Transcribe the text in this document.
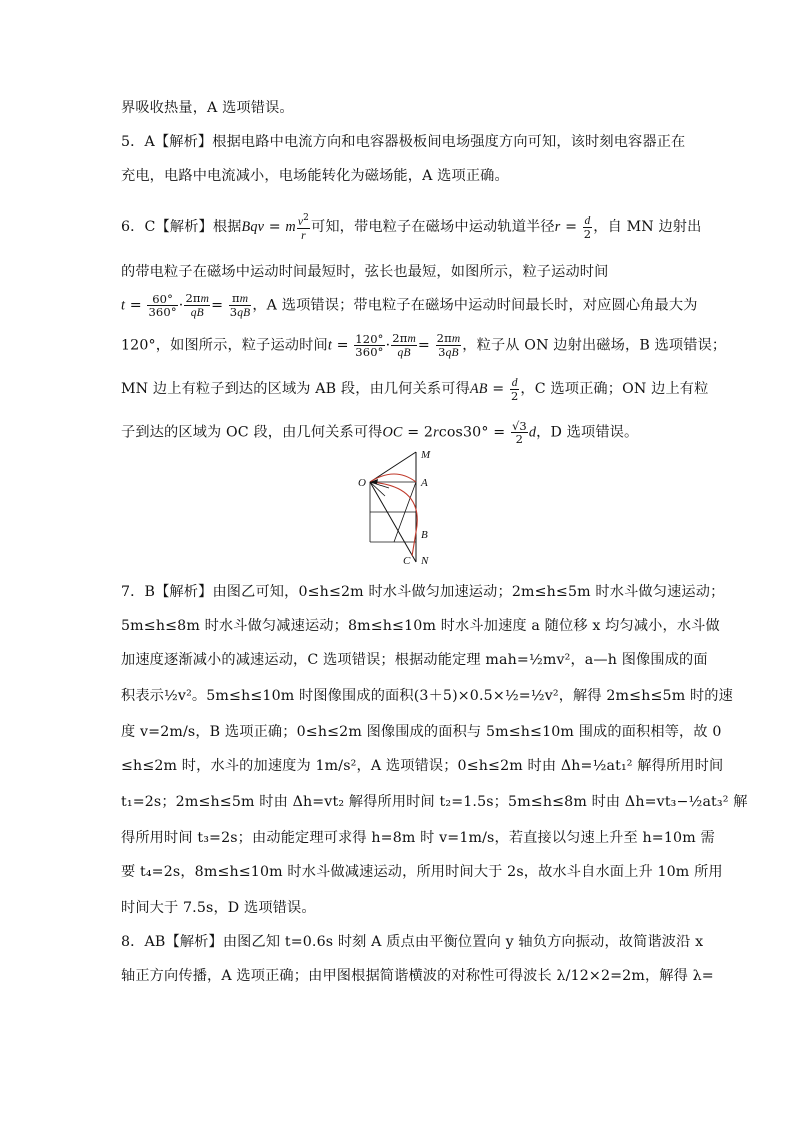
界吸收热量，A 选项错误。
5．A【解析】根据电路中电流方向和电容器极板间电场强度方向可知，该时刻电容器正在
充电，电路中电流减小，电场能转化为磁场能，A 选项正确。
6．C【解析】根据Bqv = m $\frac{v^2}{r}$ 可知，带电粒子在磁场中运动轨道半径$r = \frac{d}{2}$ ，自 MN 边射出
的带电粒子在磁场中运动时间最短时，弦长也最短，如图所示，粒子运动时间
$t = \frac{60^\circ}{360^\circ} \cdot \frac{2\pi m}{qB} = \frac{\pi m}{3qB}$ ，A 选项错误；带电粒子在磁场中运动时间最长时，对应圆心角最大为
120°，如图所示，粒子运动时间$t = \frac{120^\circ}{360^\circ} \cdot \frac{2\pi m}{qB} = \frac{2\pi m}{3qB}$ ，粒子从 ON 边射出磁场，B 选项错误；
MN 边上有粒子到达的区域为 AB 段，由几何关系可得AB = $\frac{d}{2}$ ，C 选项正确；ON 边上有粒
子到达的区域为 OC 段，由几何关系可得OC = $2rcos30^\circ = \frac{√3}{2}$ d，D 选项错误。
O
M
A
B
C N
7．B【解析】由图乙可知，0≤h≤2m 时水斗做匀加速运动；2m≤h≤5m 时水斗做匀速运动；
5m≤h≤8m 时水斗做匀减速运动；8m≤h≤10m 时水斗加速度 a 随位移 x 均匀减小，水斗做
加速度逐渐减小的减速运动，C 选项错误；根据动能定理 mah=½mv²，a—h 图像围成的面
积表示½v²。5m≤h≤10m 时图像围成的面积(3＋5)×0.5×½=½v²，解得 2m≤h≤5m 时的速
度 v=2m/s，B 选项正确；0≤h≤2m 图像围成的面积与 5m≤h≤10m 围成的面积相等，故 0
≤h≤2m 时，水斗的加速度为 1m/s²，A 选项错误；0≤h≤2m 时由 Δh=½at₁² 解得所用时间
t₁=2s；2m≤h≤5m 时由 Δh=vt₂ 解得所用时间 t₂=1.5s；5m≤h≤8m 时由 Δh=vt₃−½at₃² 解
得所用时间 t₃=2s；由动能定理可求得 h=8m 时 v=1m/s，若直接以匀速上升至 h=10m 需
要 t₄=2s，8m≤h≤10m 时水斗做减速运动，所用时间大于 2s，故水斗自水面上升 10m 所用
时间大于 7.5s，D 选项错误。
8．AB【解析】由图乙知 t=0.6s 时刻 A 质点由平衡位置向 y 轴负方向振动，故简谐波沿 x
轴正方向传播，A 选项正确；由甲图根据简谐横波的对称性可得波长 λ/12×2=2m，解得 λ=
